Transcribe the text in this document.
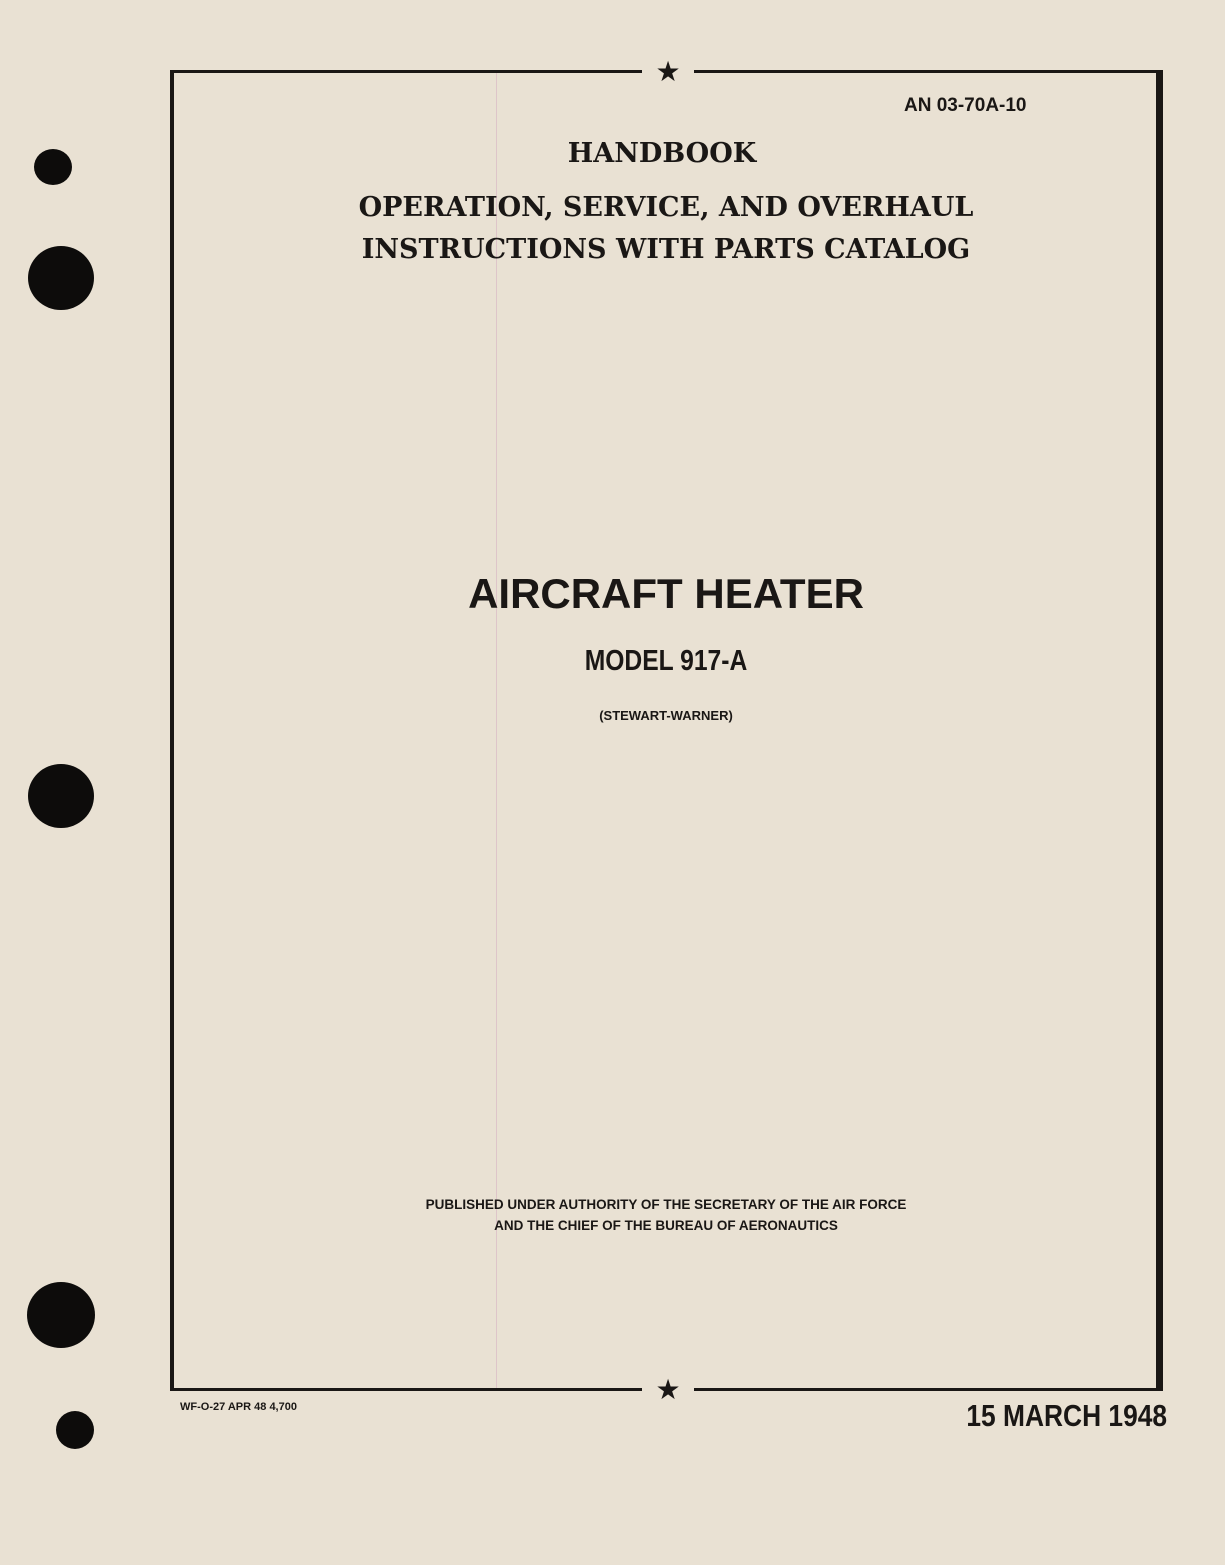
★
★
AN 03-70A-10
HANDBOOK
OPERATION, SERVICE, AND OVERHAUL
INSTRUCTIONS WITH PARTS CATALOG
AIRCRAFT HEATER
MODEL 917-A
(STEWART-WARNER)
PUBLISHED UNDER AUTHORITY OF THE SECRETARY OF THE AIR FORCE
AND THE CHIEF OF THE BUREAU OF AERONAUTICS
WF-O-27 APR 48 4,700	15 MARCH 1948
